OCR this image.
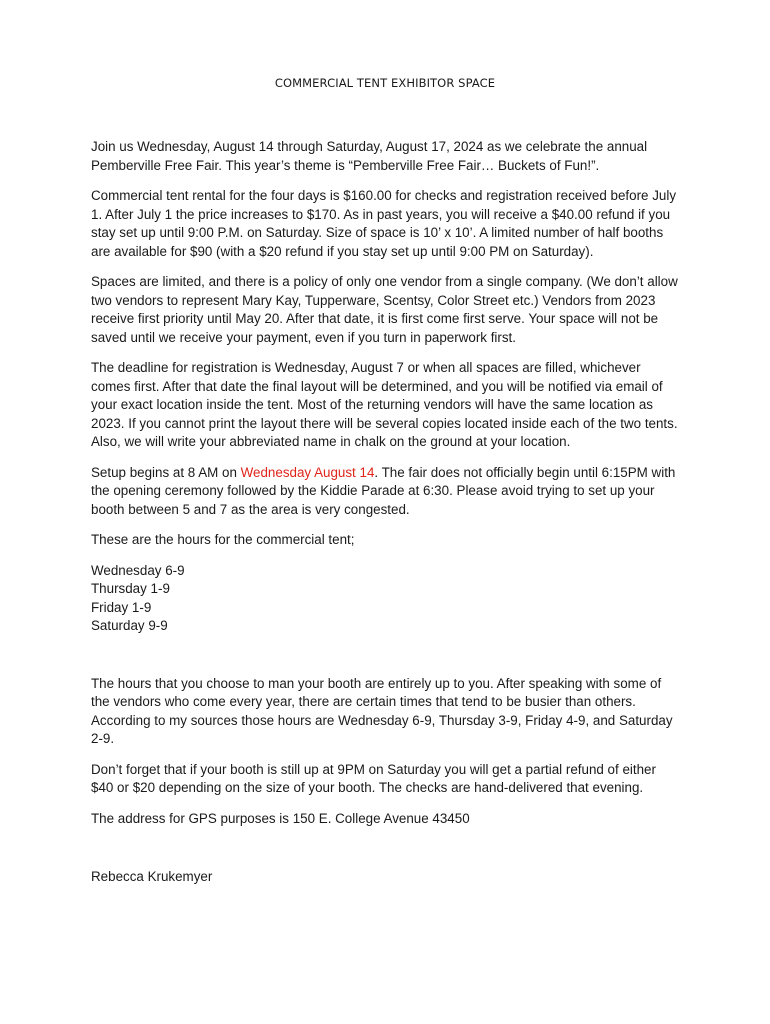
COMMERCIAL TENT EXHIBITOR SPACE

Join us Wednesday, August 14 through Saturday, August 17, 2024 as we celebrate the annual Pemberville Free Fair. This year’s theme is “Pemberville Free Fair… Buckets of Fun!”.

Commercial tent rental for the four days is $160.00 for checks and registration received before July 1. After July 1 the price increases to $170. As in past years, you will receive a $40.00 refund if you stay set up until 9:00 P.M. on Saturday. Size of space is 10’ x 10’. A limited number of half booths are available for $90 (with a $20 refund if you stay set up until 9:00 PM on Saturday).

Spaces are limited, and there is a policy of only one vendor from a single company. (We don’t allow two vendors to represent Mary Kay, Tupperware, Scentsy, Color Street etc.) Vendors from 2023 receive first priority until May 20. After that date, it is first come first serve. Your space will not be saved until we receive your payment, even if you turn in paperwork first.

The deadline for registration is Wednesday, August 7 or when all spaces are filled, whichever comes first. After that date the final layout will be determined, and you will be notified via email of your exact location inside the tent. Most of the returning vendors will have the same location as 2023. If you cannot print the layout there will be several copies located inside each of the two tents. Also, we will write your abbreviated name in chalk on the ground at your location.

Setup begins at 8 AM on Wednesday August 14. The fair does not officially begin until 6:15PM with the opening ceremony followed by the Kiddie Parade at 6:30. Please avoid trying to set up your booth between 5 and 7 as the area is very congested.

These are the hours for the commercial tent;

Wednesday 6-9
Thursday 1-9
Friday 1-9
Saturday 9-9

The hours that you choose to man your booth are entirely up to you. After speaking with some of the vendors who come every year, there are certain times that tend to be busier than others. According to my sources those hours are Wednesday 6-9, Thursday 3-9, Friday 4-9, and Saturday 2-9.

Don’t forget that if your booth is still up at 9PM on Saturday you will get a partial refund of either $40 or $20 depending on the size of your booth. The checks are hand-delivered that evening.

The address for GPS purposes is 150 E. College Avenue 43450

Rebecca Krukemyer
